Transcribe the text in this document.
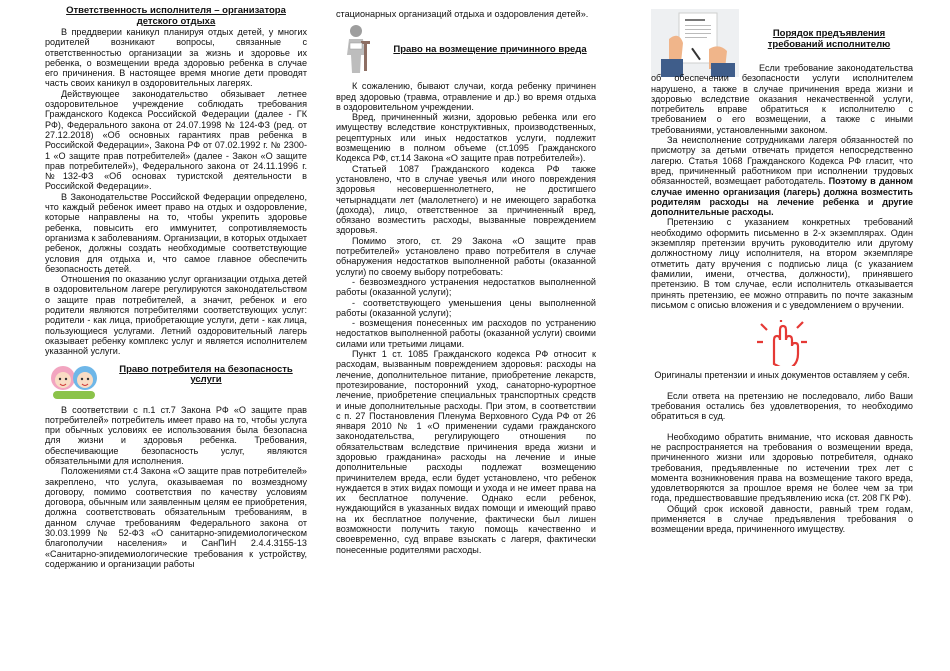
Ответственность исполнителя – организатора детского отдыха

В преддверии каникул планируя отдых детей, у многих родителей возникают вопросы, связанные с ответственностью организации за жизнь и здоровье их ребенка, о возмещении вреда здоровью ребенка в случае его причинения. В настоящее время многие дети проводят часть своих каникул в оздоровительных лагерях.

Действующее законодательство обязывает летнее оздоровительное учреждение соблюдать требования Гражданского Кодекса Российской Федерации (далее - ГК РФ), Федерального закона от 24.07.1998 № 124-ФЗ (ред. от 27.12.2018) «Об основных гарантиях прав ребенка в Российской Федерации», Закона РФ от 07.02.1992 г. № 2300-1 «О защите прав потребителей» (далее - Закон «О защите прав потребителей»), Федерального закона от 24.11.1996 г. №132-ФЗ «Об основах туристской деятельности в Российской Федерации».

В Законодательстве Российской Федерации определено, что каждый ребенок имеет право на отдых и оздоровление, которые направлены на то, чтобы укрепить здоровье ребенка, повысить его иммунитет, сопротивляемость организма к заболеваниям. Организации, в которых отдыхает ребенок, должны создать необходимые соответствующие условия для отдыха и, что самое главное обеспечить безопасность детей.

Отношения по оказанию услуг организации отдыха детей в оздоровительном лагере регулируются законодательством о защите прав потребителей, а значит, ребенок и его родители являются потребителями соответствующих услуг: родители - как лица, приобретающие услуги, дети - как лица, пользующиеся услугами. Летний оздоровительный лагерь оказывает ребенку комплекс услуг и является исполнителем указанной услуги.

Право потребителя на безопасность услуги

В соответствии с п.1 ст.7 Закона РФ «О защите прав потребителей» потребитель имеет право на то, чтобы услуга при обычных условиях ее использования была безопасна для жизни и здоровья ребенка. Требования, обеспечивающие безопасность услуг, являются обязательными для исполнения.

Положениями ст.4 Закона «О защите прав потребителей» закреплено, что услуга, оказываемая по возмездному договору, помимо соответствия по качеству условиям договора, обычным или заявленным целям ее приобретения, должна соответствовать обязательным требованиям, в данном случае требованиям Федерального закона от 30.03.1999 № 52-ФЗ «О санитарно-эпидемиологическом благополучии населения» и СанПиН 2.4.4.3155-13 «Санитарно-эпидемиологические требования к устройству, содержанию и организации работы

стационарных организаций отдыха и оздоровления детей».

Право на возмещение причинного вреда

К сожалению, бывают случаи, когда ребенку причинен вред здоровью (травма, отравление и др.) во время отдыха в оздоровительном учреждении.

Вред, причиненный жизни, здоровью ребенка или его имуществу вследствие конструктивных, производственных, рецептурных или иных недостатков услуги, подлежит возмещению в полном объеме (ст.1095 Гражданского Кодекса РФ, ст.14 Закона «О защите прав потребителей»).

Статьей 1087 Гражданского кодекса РФ также установлено, что в случае увечья или иного повреждения здоровья несовершеннолетнего, не достигшего четырнадцати лет (малолетнего) и не имеющего заработка (дохода), лицо, ответственное за причиненный вред, обязано возместить расходы, вызванные повреждением здоровья.

Помимо этого, ст. 29 Закона «О защите прав потребителей» установлено право потребителя в случае обнаружения недостатков выполненной работы (оказанной услуги) по своему выбору потребовать:

- безвозмездного устранения недостатков выполненной работы (оказанной услуги);

- соответствующего уменьшения цены выполненной работы (оказанной услуги);

- возмещения понесенных им расходов по устранению недостатков выполненной работы (оказанной услуги) своими силами или третьими лицами.

Пункт 1 ст. 1085 Гражданского кодекса РФ относит к расходам, вызванным повреждением здоровья: расходы на лечение, дополнительное питание, приобретение лекарств, протезирование, посторонний уход, санаторно-курортное лечение, приобретение специальных транспортных средств и иные дополнительные расходы. При этом, в соответствии с п. 27 Постановления Пленума Верховного Суда РФ от 26 января 2010 № 1 «О применении судами гражданского законодательства, регулирующего отношения по обязательствам вследствие причинения вреда жизни и здоровью гражданина» расходы на лечение и иные дополнительные расходы подлежат возмещению причинителем вреда, если будет установлено, что ребенок нуждается в этих видах помощи и ухода и не имеет права на их бесплатное получение. Однако если ребенок, нуждающийся в указанных видах помощи и имеющий право на их бесплатное получение, фактически был лишен возможности получить такую помощь качественно и своевременно, суд вправе взыскать с лагеря, фактически понесенные родителями расходы.

Порядок предъявления требований исполнителю

Если требование законодательства об обеспечении безопасности услуги исполнителем нарушено, а также в случае причинения вреда жизни и здоровью вследствие оказания некачественной услуги, потребитель вправе обратиться к исполнителю с требованием о его возмещении, а также с иными требованиями, установленными законом.

За неисполнение сотрудниками лагеря обязанностей по присмотру за детьми отвечать придется непосредственно лагерю. Статья 1068 Гражданского Кодекса РФ гласит, что вред, причиненный работником при исполнении трудовых обязанностей, возмещает работодатель. Поэтому в данном случае именно организация (лагерь) должна возместить родителям расходы на лечение ребенка и другие дополнительные расходы.

Претензию с указанием конкретных требований необходимо оформить письменно в 2-х экземплярах. Один экземпляр претензии вручить руководителю или другому должностному лицу исполнителя, на втором экземпляре отметить дату вручения с подписью лица (с указанием фамилии, имени, отчества, должности), принявшего претензию. В том случае, если исполнитель отказывается принять претензию, ее можно отправить по почте заказным письмом с описью вложения и с уведомлением о вручении.

Оригиналы претензии и иных документов оставляем у себя.

Если ответа на претензию не последовало, либо Ваши требования остались без удовлетворения, то необходимо обратиться в суд.

Необходимо обратить внимание, что исковая давность не распространяется на требования о возмещении вреда, причиненного жизни или здоровью потребителя, однако требования, предъявленные по истечении трех лет с момента возникновения права на возмещение такого вреда, удовлетворяются за прошлое время не более чем за три года, предшествовавшие предъявлению иска (ст. 208 ГК РФ).

Общий срок исковой давности, равный трем годам, применяется в случае предъявления требования о возмещении вреда, причиненного имуществу.
